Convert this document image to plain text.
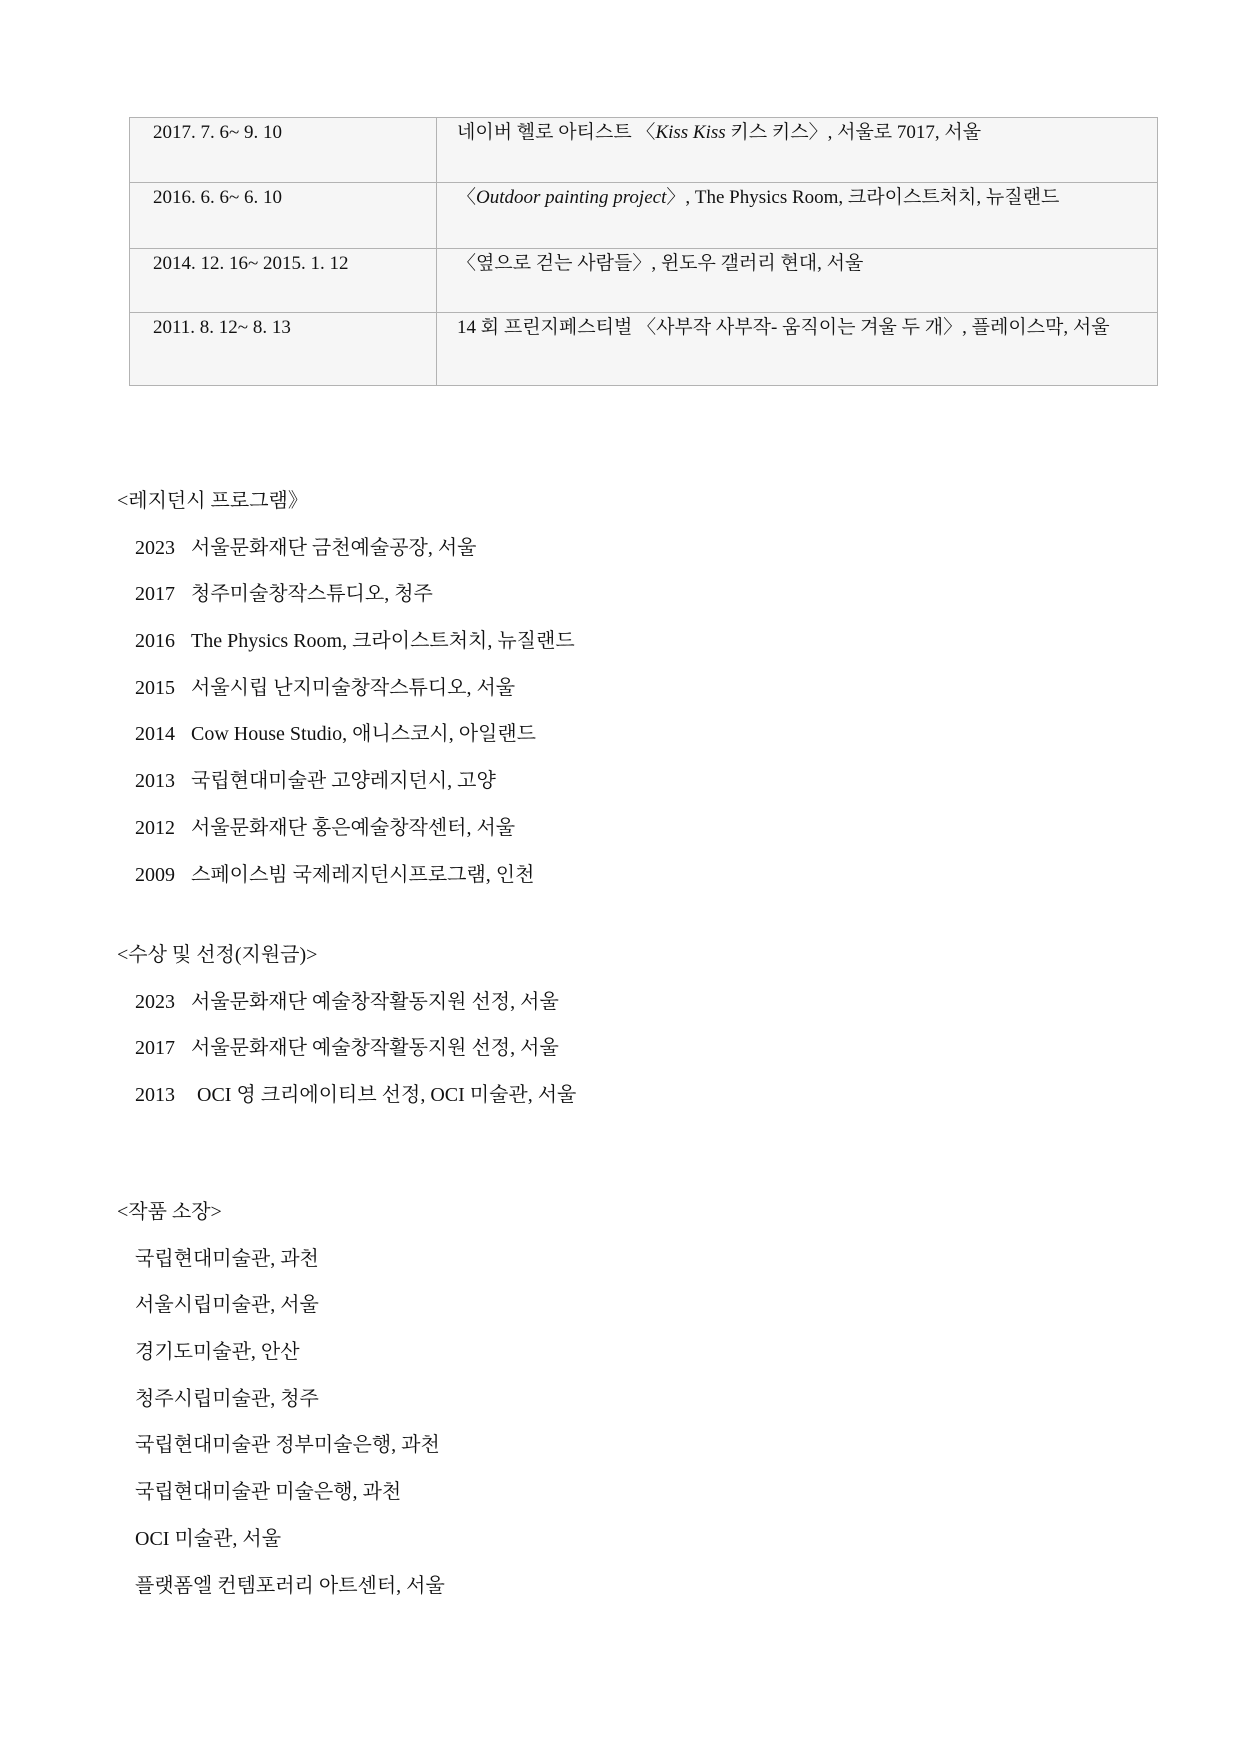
2017. 7. 6~ 9. 10	네이버 헬로 아티스트 〈Kiss Kiss 키스 키스〉, 서울로 7017, 서울
2016. 6. 6~ 6. 10	〈Outdoor painting project〉, The Physics Room, 크라이스트처치, 뉴질랜드
2014. 12. 16~ 2015. 1. 12	〈옆으로 걷는 사람들〉, 윈도우 갤러리 현대, 서울
2011. 8. 12~ 8. 13	14 회 프린지페스티벌 〈사부작 사부작- 움직이는 겨울 두 개〉, 플레이스막, 서울
<레지던시 프로그램》
2023 서울문화재단 금천예술공장, 서울
2017 청주미술창작스튜디오, 청주
2016 The Physics Room, 크라이스트처치, 뉴질랜드
2015 서울시립 난지미술창작스튜디오, 서울
2014 Cow House Studio, 애니스코시, 아일랜드
2013 국립현대미술관 고양레지던시, 고양
2012 서울문화재단 홍은예술창작센터, 서울
2009 스페이스빔 국제레지던시프로그램, 인천
<수상 및 선정(지원금)>
2023 서울문화재단 예술창작활동지원 선정, 서울
2017 서울문화재단 예술창작활동지원 선정, 서울
2013 OCI 영 크리에이티브 선정, OCI 미술관, 서울
<작품 소장>
국립현대미술관, 과천
서울시립미술관, 서울
경기도미술관, 안산
청주시립미술관, 청주
국립현대미술관 정부미술은행, 과천
국립현대미술관 미술은행, 과천
OCI 미술관, 서울
플랫폼엘 컨템포러리 아트센터, 서울
